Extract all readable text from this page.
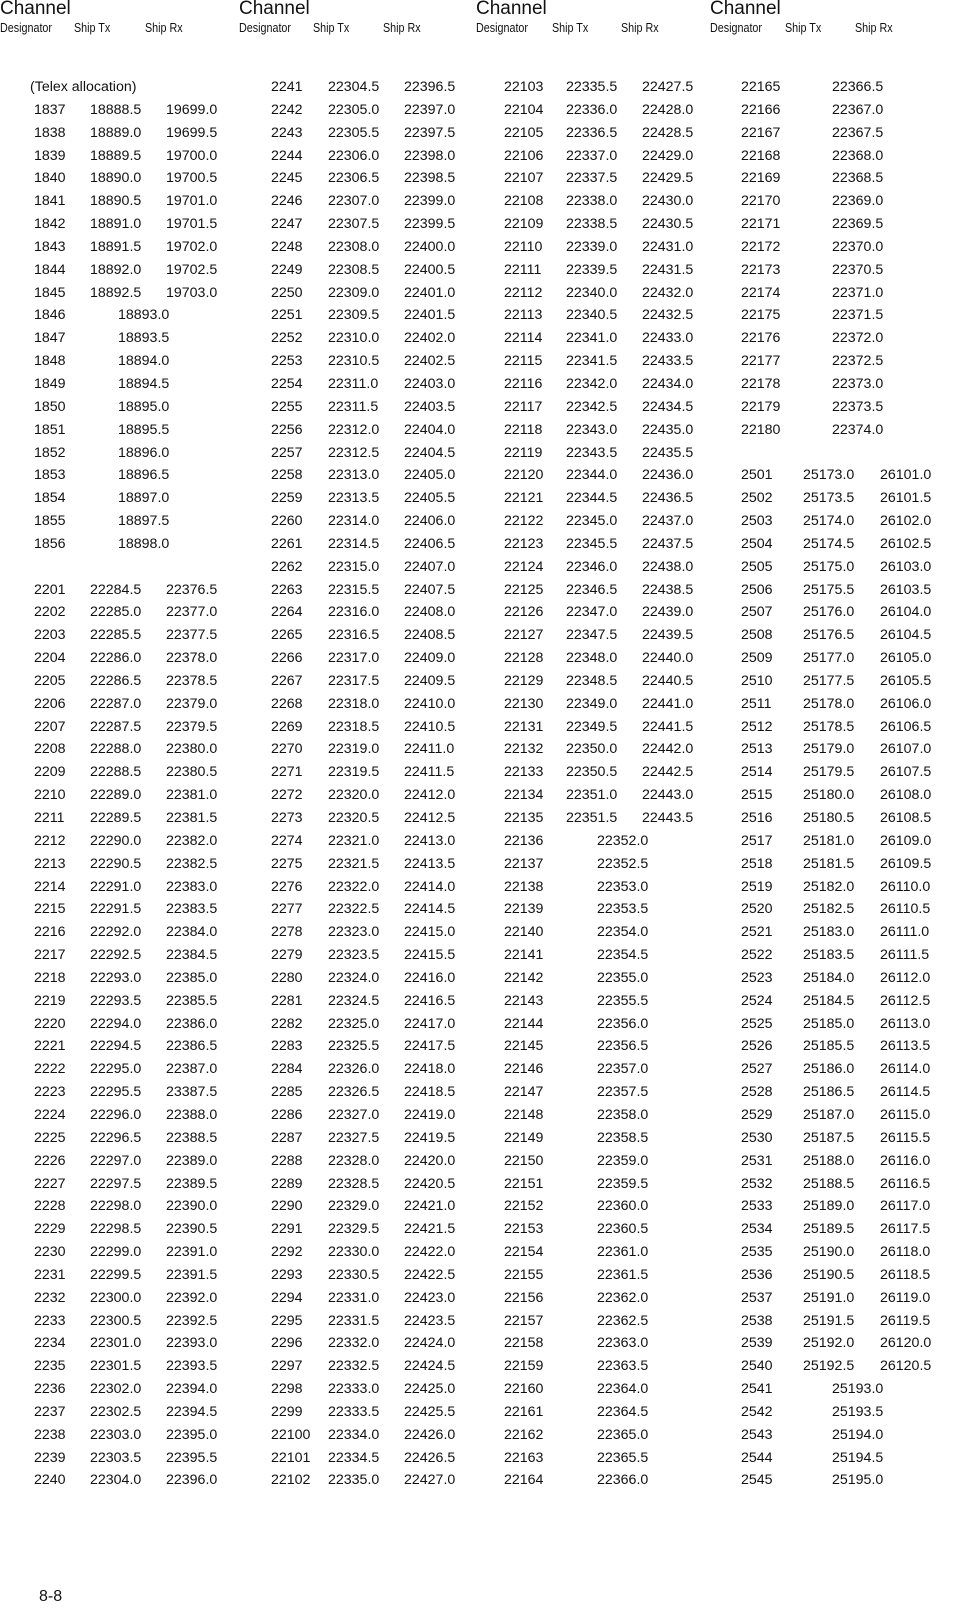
Channel
Designator Ship Tx	Ship Rx
(Telex allocation)
1837 18888.5 19699.0
1838 18889.0 19699.5
1839 18889.5 19700.0
1840 18890.0 19700.5
1841 18890.5 19701.0
1842 18891.0 19701.5
1843 18891.5 19702.0
1844 18892.0 19702.5
1845 18892.5 19703.0
1846	18893.0
1847	18893.5
1848	18894.0
1849	18894.5
1850	18895.0
1851	18895.5
1852	18896.0
1853	18896.5
1854	18897.0
1855	18897.5
1856	18898.0
2201 22284.5 22376.5
2202 22285.0 22377.0
2203 22285.5 22377.5
2204 22286.0 22378.0
2205 22286.5 22378.5
2206 22287.0 22379.0
2207 22287.5 22379.5
2208 22288.0 22380.0
2209 22288.5 22380.5
2210 22289.0 22381.0
2211 22289.5 22381.5
2212 22290.0 22382.0
2213 22290.5 22382.5
2214 22291.0 22383.0
2215 22291.5 22383.5
2216 22292.0 22384.0
2217 22292.5 22384.5
2218 22293.0 22385.0
2219 22293.5 22385.5
2220 22294.0 22386.0
2221 22294.5 22386.5
2222 22295.0 22387.0
2223 22295.5 23387.5
2224 22296.0 22388.0
2225 22296.5 22388.5
2226 22297.0 22389.0
2227 22297.5 22389.5
2228 22298.0 22390.0
2229 22298.5 22390.5
2230 22299.0 22391.0
2231 22299.5 22391.5
2232 22300.0 22392.0
2233 22300.5 22392.5
2234 22301.0 22393.0
2235 22301.5 22393.5
2236 22302.0 22394.0
2237 22302.5 22394.5
2238 22303.0 22395.0
2239 22303.5 22395.5
2240 22304.0 22396.0
Channel
Designator Ship Tx	Ship Rx
2241 22304.5 22396.5
2242 22305.0 22397.0
2243 22305.5 22397.5
2244 22306.0 22398.0
2245 22306.5 22398.5
2246 22307.0 22399.0
2247 22307.5 22399.5
2248 22308.0 22400.0
2249 22308.5 22400.5
2250 22309.0 22401.0
2251 22309.5 22401.5
2252 22310.0 22402.0
2253 22310.5 22402.5
2254 22311.0 22403.0
2255 22311.5 22403.5
2256 22312.0 22404.0
2257 22312.5 22404.5
2258 22313.0 22405.0
2259 22313.5 22405.5
2260 22314.0 22406.0
2261 22314.5 22406.5
2262 22315.0 22407.0
2263 22315.5 22407.5
2264 22316.0 22408.0
2265 22316.5 22408.5
2266 22317.0 22409.0
2267 22317.5 22409.5
2268 22318.0 22410.0
2269 22318.5 22410.5
2270 22319.0 22411.0
2271 22319.5 22411.5
2272 22320.0 22412.0
2273 22320.5 22412.5
2274 22321.0 22413.0
2275 22321.5 22413.5
2276 22322.0 22414.0
2277 22322.5 22414.5
2278 22323.0 22415.0
2279 22323.5 22415.5
2280 22324.0 22416.0
2281 22324.5 22416.5
2282 22325.0 22417.0
2283 22325.5 22417.5
2284 22326.0 22418.0
2285 22326.5 22418.5
2286 22327.0 22419.0
2287 22327.5 22419.5
2288 22328.0 22420.0
2289 22328.5 22420.5
2290 22329.0 22421.0
2291 22329.5 22421.5
2292 22330.0 22422.0
2293 22330.5 22422.5
2294 22331.0 22423.0
2295 22331.5 22423.5
2296 22332.0 22424.0
2297 22332.5 22424.5
2298 22333.0 22425.0
2299 22333.5 22425.5
22100 22334.0 22426.0
22101 22334.5 22426.5
22102 22335.0 22427.0
Channel
Designator Ship Tx	Ship Rx
22103 22335.5 22427.5
22104 22336.0 22428.0
22105 22336.5 22428.5
22106 22337.0 22429.0
22107 22337.5 22429.5
22108 22338.0 22430.0
22109 22338.5 22430.5
22110 22339.0 22431.0
22111 22339.5 22431.5
22112 22340.0 22432.0
22113 22340.5 22432.5
22114 22341.0 22433.0
22115 22341.5 22433.5
22116 22342.0 22434.0
22117 22342.5 22434.5
22118 22343.0 22435.0
22119 22343.5 22435.5
22120 22344.0 22436.0
22121 22344.5 22436.5
22122 22345.0 22437.0
22123 22345.5 22437.5
22124 22346.0 22438.0
22125 22346.5 22438.5
22126 22347.0 22439.0
22127 22347.5 22439.5
22128 22348.0 22440.0
22129 22348.5 22440.5
22130 22349.0 22441.0
22131 22349.5 22441.5
22132 22350.0 22442.0
22133 22350.5 22442.5
22134 22351.0 22443.0
22135 22351.5 22443.5
22136	22352.0
22137	22352.5
22138	22353.0
22139	22353.5
22140	22354.0
22141	22354.5
22142	22355.0
22143	22355.5
22144	22356.0
22145	22356.5
22146	22357.0
22147	22357.5
22148	22358.0
22149	22358.5
22150	22359.0
22151	22359.5
22152	22360.0
22153	22360.5
22154	22361.0
22155	22361.5
22156	22362.0
22157	22362.5
22158	22363.0
22159	22363.5
22160	22364.0
22161	22364.5
22162	22365.0
22163	22365.5
22164	22366.0
Channel
Designator Ship Tx	Ship Rx
22165	22366.5
22166	22367.0
22167	22367.5
22168	22368.0
22169	22368.5
22170	22369.0
22171	22369.5
22172	22370.0
22173	22370.5
22174	22371.0
22175	22371.5
22176	22372.0
22177	22372.5
22178	22373.0
22179	22373.5
22180	22374.0
2501 25173.0 26101.0
2502 25173.5 26101.5
2503 25174.0 26102.0
2504 25174.5 26102.5
2505 25175.0 26103.0
2506 25175.5 26103.5
2507 25176.0 26104.0
2508 25176.5 26104.5
2509 25177.0 26105.0
2510 25177.5 26105.5
2511 25178.0 26106.0
2512 25178.5 26106.5
2513 25179.0 26107.0
2514 25179.5 26107.5
2515 25180.0 26108.0
2516 25180.5 26108.5
2517 25181.0 26109.0
2518 25181.5 26109.5
2519 25182.0 26110.0
2520 25182.5 26110.5
2521 25183.0 26111.0
2522 25183.5 26111.5
2523 25184.0 26112.0
2524 25184.5 26112.5
2525 25185.0 26113.0
2526 25185.5 26113.5
2527 25186.0 26114.0
2528 25186.5 26114.5
2529 25187.0 26115.0
2530 25187.5 26115.5
2531 25188.0 26116.0
2532 25188.5 26116.5
2533 25189.0 26117.0
2534 25189.5 26117.5
2535 25190.0 26118.0
2536 25190.5 26118.5
2537 25191.0 26119.0
2538 25191.5 26119.5
2539 25192.0 26120.0
2540 25192.5 26120.5
2541	25193.0
2542	25193.5
2543	25194.0
2544	25194.5
2545	25195.0
8-8
